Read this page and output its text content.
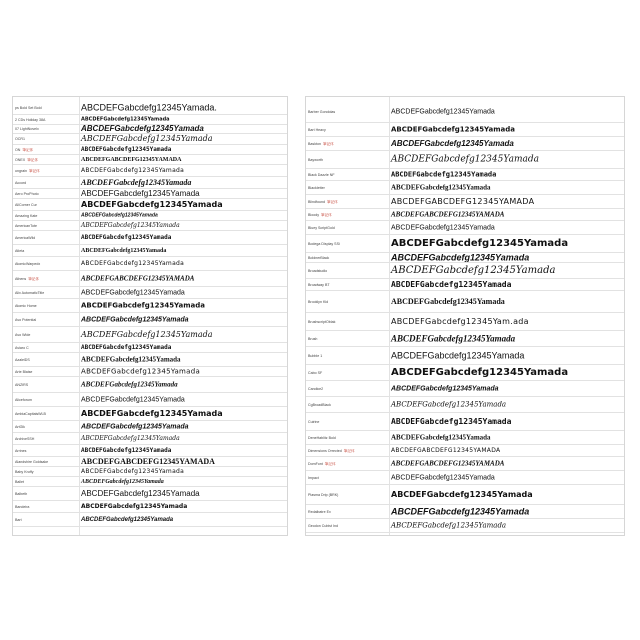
ps Bold Set Bold	ABCDEFGabcdefg12345Yamada.
2 CDs Holiday 38A	ABCDEFGabcdefg12345Yamada
07 LightNovelx	ABCDEFGabcdefg12345Yamada
OCR1	ABCDEFGabcdefg12345Yamada
ON 筆記体	ABCDEFGabcdefg12345Yamada
ONEX 筆記体	ABCDEFGABCDEFG12345YAMADA
ungrain 筆記体	ABCDEFGabcdefg12345Yamada
Accord	ABCDEFGabcdefg12345Yamada
Aero ProPhoto	ABCDEFGabcdefg12345Yamada
AllCorner Cur	ABCDEFGabcdefg12345Yamada
Amazing Kate	ABCDEFGabcdefg12345Yamada
AmericanTote	ABCDEFGabcdefg12345Yamada
AmericaWild	ABCDEFGabcdefg12345Yamada
Atleta	ABCDEFGabcdefg12345Yamada
AtomicWarpedx	ABCDEFGabcdefg12345Yamada
Athens 筆記体	ABCDEFGABCDEFG12345YAMADA
Alix AutomaticTitle	ABCDEFGabcdefg12345Yamada
Atomic Home	ABCDEFGabcdefg12345Yamada
Avo Potential	ABCDEFGabcdefg12345Yamada
Avo Wide	ABCDEFGabcdefg12345Yamada
Aviaro C	ABCDEFGabcdefg12345Yamada
AzalelDS	ABCDEFGabcdefg12345Yamada
Arte Blaise	ABCDEFGabcdefg12345Yamada
ANZIRS	ABCDEFGabcdefg12345Yamada
Aliceforum	ABCDEFGabcdefg12345Yamada
AmbiaCapitalsWLB	ABCDEFGabcdefg12345Yamada
ArtGlk	ABCDEFGabcdefg12345Yamada
ArchiveSSH	ABCDEFGabcdefg12345Yamada
Arrines	ABCDEFGabcdefg12345Yamada
Alandshire Goldsake	ABCDEFGABCDEFG12345YAMADA
Baby Kruffy	ABCDEFGabcdefg12345Yamada
Ballet	ABCDEFGabcdefg12345Yamada
Balbeth	ABCDEFGabcdefg12345Yamada
Bandeira	ABCDEFGabcdefg12345Yamada
Bart	ABCDEFGabcdefg12345Yamada
Barber Gondolas	ABCDEFGabcdefg12345Yamada
Bart Heavy	ABCDEFGabcdefg12345Yamada
Baskton 筆記体	ABCDEFGabcdefg12345Yamada
Bayworth	ABCDEFGabcdefg12345Yamada
Black Dazzle NF	ABCDEFGabcdefg12345Yamada
Blackletter	ABCDEFGabcdefg12345Yamada
Blindfound 筆記体	ABCDEFGABCDEFG12345YAMADA
Bloody 筆記体	ABCDEFGABCDEFG12345YAMADA
Bluey ScriptGold	ABCDEFGabcdefg12345Yamada
Bodega Display SSi	ABCDEFGabcdefg12345Yamada
BoldnerBlack	ABCDEFGabcdefg12345Yamada
Broadstudio	ABCDEFGabcdefg12345Yamada
Broadway BT	ABCDEFGabcdefg12345Yamada
Brooklyn Kid	ABCDEFGabcdefg12345Yamada
BrushscriptOblak	ABCDEFGabcdefg12345Yam.ada
Brush	ABCDEFGabcdefg12345Yamada
Bubble 1	ABCDEFGabcdefg12345Yamada
Cabo SF	ABCDEFGabcdefg12345Yamada
Candice2	ABCDEFGabcdefg12345Yamada
CgBroadBlack	ABCDEFGabcdefg12345Yamada
Cuirine	ABCDEFGabcdefg12345Yamada
DeneHablitz Bold	ABCDEFGabcdefg12345Yamada
Dimensions Orrected 筆記体	ABCDEFGABCDEFG12345YAMADA
DomFont 筆記体	ABCDEFGABCDEFG12345YAMADA
Impact	ABCDEFGabcdefg12345Yamada
Plasma Drip (BRK)	ABCDEFGabcdefg12345Yamada
Redalbatre Ex	ABCDEFGabcdefg12345Yamada
Geodon Cubist Ind	ABCDEFGabcdefg12345Yamada
